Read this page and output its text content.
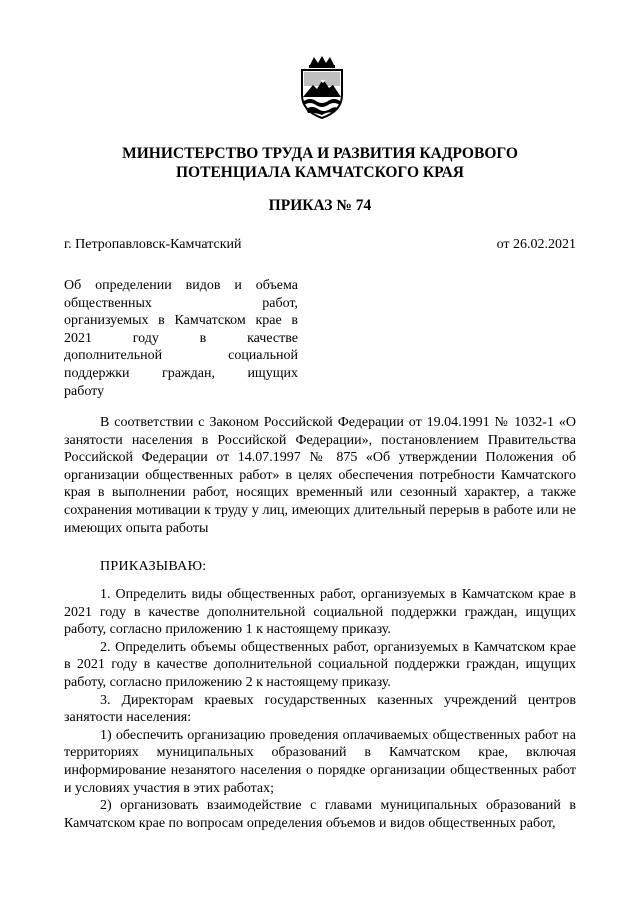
МИНИСТЕРСТВО ТРУДА И РАЗВИТИЯ КАДРОВОГО
ПОТЕНЦИАЛА КАМЧАТСКОГО КРАЯ
ПРИКАЗ № 74
г. Петропавловск-Камчатский	от 26.02.2021
Об определении видов и объема
общественных работ,
организуемых в Камчатском крае в
2021 году в качестве
дополнительной социальной
поддержки граждан, ищущих
работу

В соответствии с Законом Российской Федерации от 19.04.1991 № 1032-1 «О занятости населения в Российской Федерации», постановлением Правительства Российской Федерации от 14.07.1997 № 875 «Об утверждении Положения об организации общественных работ» в целях обеспечения потребности Камчатского края в выполнении работ, носящих временный или сезонный характер, а также сохранения мотивации к труду у лиц, имеющих длительный перерыв в работе или не имеющих опыта работы

ПРИКАЗЫВАЮ:

1. Определить виды общественных работ, организуемых в Камчатском крае в 2021 году в качестве дополнительной социальной поддержки граждан, ищущих работу, согласно приложению 1 к настоящему приказу.

2. Определить объемы общественных работ, организуемых в Камчатском крае в 2021 году в качестве дополнительной социальной поддержки граждан, ищущих работу, согласно приложению 2 к настоящему приказу.

3. Директорам краевых государственных казенных учреждений центров занятости населения:

1) обеспечить организацию проведения оплачиваемых общественных работ на территориях муниципальных образований в Камчатском крае, включая информирование незанятого населения о порядке организации общественных работ и условиях участия в этих работах;

2) организовать взаимодействие с главами муниципальных образований в Камчатском крае по вопросам определения объемов и видов общественных работ,
